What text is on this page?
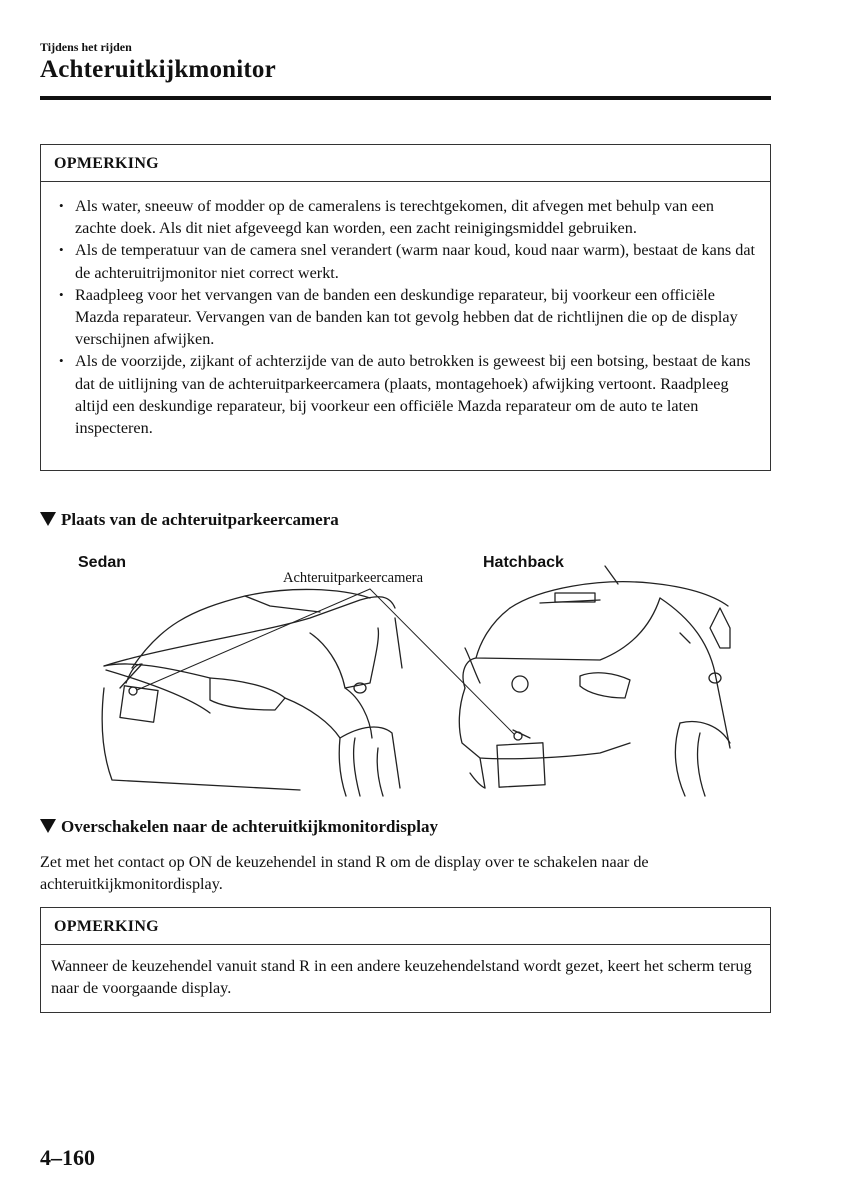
Tijdens het rijden
Achteruitkijkmonitor
OPMERKING
• Als water, sneeuw of modder op de cameralens is terechtgekomen, dit afvegen met behulp van een zachte doek. Als dit niet afgeveegd kan worden, een zacht reinigingsmiddel gebruiken.
• Als de temperatuur van de camera snel verandert (warm naar koud, koud naar warm), bestaat de kans dat de achteruitrijmonitor niet correct werkt.
• Raadpleeg voor het vervangen van de banden een deskundige reparateur, bij voorkeur een officiële Mazda reparateur. Vervangen van de banden kan tot gevolg hebben dat de richtlijnen die op de display verschijnen afwijken.
• Als de voorzijde, zijkant of achterzijde van de auto betrokken is geweest bij een botsing, bestaat de kans dat de uitlijning van de achteruitparkeercamera (plaats, montagehoek) afwijking vertoont. Raadpleeg altijd een deskundige reparateur, bij voorkeur een officiële Mazda reparateur om de auto te laten inspecteren.
Plaats van de achteruitparkeercamera
Sedan	Hatchback
Achteruitparkeercamera
Overschakelen naar de achteruitkijkmonitordisplay

Zet met het contact op ON de keuzehendel in stand R om de display over te schakelen naar de achteruitkijkmonitordisplay.

OPMERKING

Wanneer de keuzehendel vanuit stand R in een andere keuzehendelstand wordt gezet, keert het scherm terug naar de voorgaande display.

4–160
